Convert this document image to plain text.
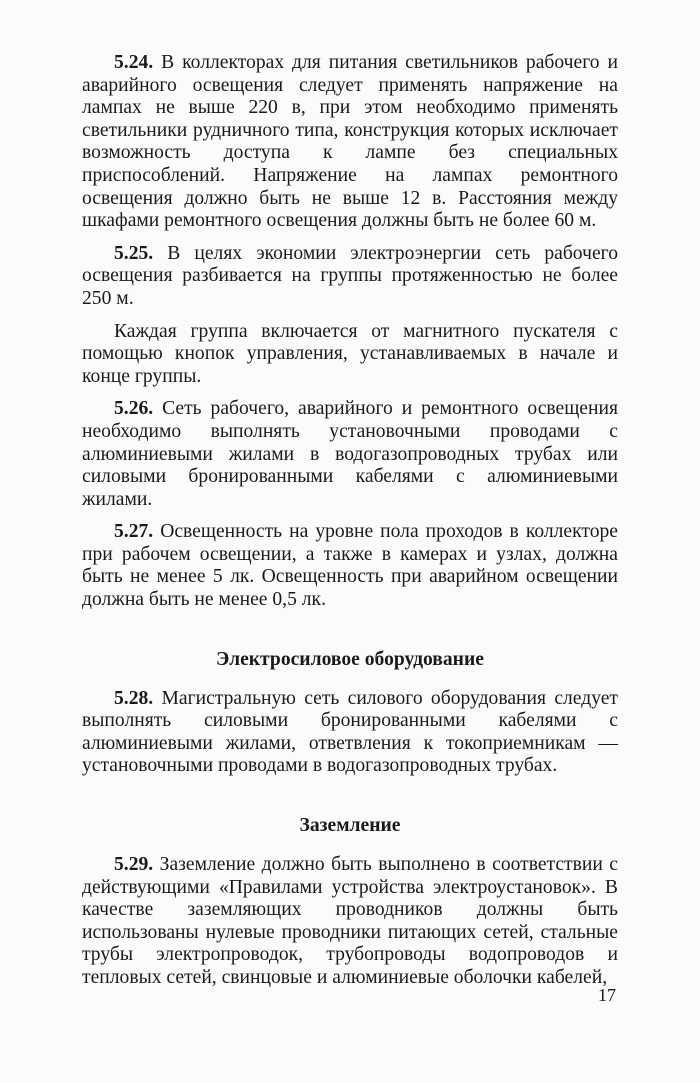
5.24. В коллекторах для питания светильников рабочего и аварийного освещения следует применять напряжение на лампах не выше 220 в, при этом необходимо применять светильники рудничного типа, конструкция которых исключает возможность доступа к лампе без специальных приспособлений. Напряжение на лампах ремонтного освещения должно быть не выше 12 в. Расстояния между шкафами ремонтного освещения должны быть не более 60 м.

5.25. В целях экономии электроэнергии сеть рабочего освещения разбивается на группы протяженностью не более 250 м.

Каждая группа включается от магнитного пускателя с помощью кнопок управления, устанавливаемых в начале и конце группы.

5.26. Сеть рабочего, аварийного и ремонтного освещения необходимо выполнять установочными проводами с алюминиевыми жилами в водогазопроводных трубах или силовыми бронированными кабелями с алюминиевыми жилами.

5.27. Освещенность на уровне пола проходов в коллекторе при рабочем освещении, а также в камерах и узлах, должна быть не менее 5 лк. Освещенность при аварийном освещении должна быть не менее 0,5 лк.

Электросиловое оборудование

5.28. Магистральную сеть силового оборудования следует выполнять силовыми бронированными кабелями с алюминиевыми жилами, ответвления к токоприемникам — установочными проводами в водогазопроводных трубах.

Заземление

5.29. Заземление должно быть выполнено в соответствии с действующими «Правилами устройства электроустановок». В качестве заземляющих проводников должны быть использованы нулевые проводники питающих сетей, стальные трубы электропроводок, трубопроводы водопроводов и тепловых сетей, свинцовые и алюминиевые оболочки кабелей,

17
